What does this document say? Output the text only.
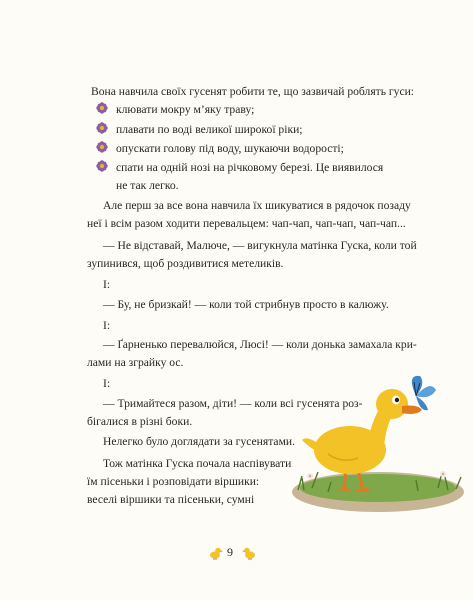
Вона навчила своїх гусенят робити те, що зазвичай роблять гуси:
клювати мокру м’яку траву;
плавати по воді великої широкої ріки;
опускати голову під воду, шукаючи водорості;
спати на одній нозі на річковому березі. Це виявилося
не так легко.
Але перш за все вона навчила їх шикуватися в рядочок позаду
неї і всім разом ходити перевальцем: чап-чап, чап-чап, чап-чап...
— Не відставай, Малюче, — вигукнула матінка Гуска, коли той
зупинився, щоб роздивитися метеликів.
І:
— Бу, не бризкай! — коли той стрибнув просто в калюжу.
І:
— Ґарненько перевалюйся, Люсі! — коли донька замахала кри-
лами на зграйку ос.
І:
— Тримайтеся разом, діти! — коли всі гусенята роз-
бігалися в різні боки.
Нелегко було доглядати за гусенятами.
Тож матінка Гуска почала наспівувати
їм пісеньки і розповідати віршики:
веселі віршики та пісеньки, сумні
9
